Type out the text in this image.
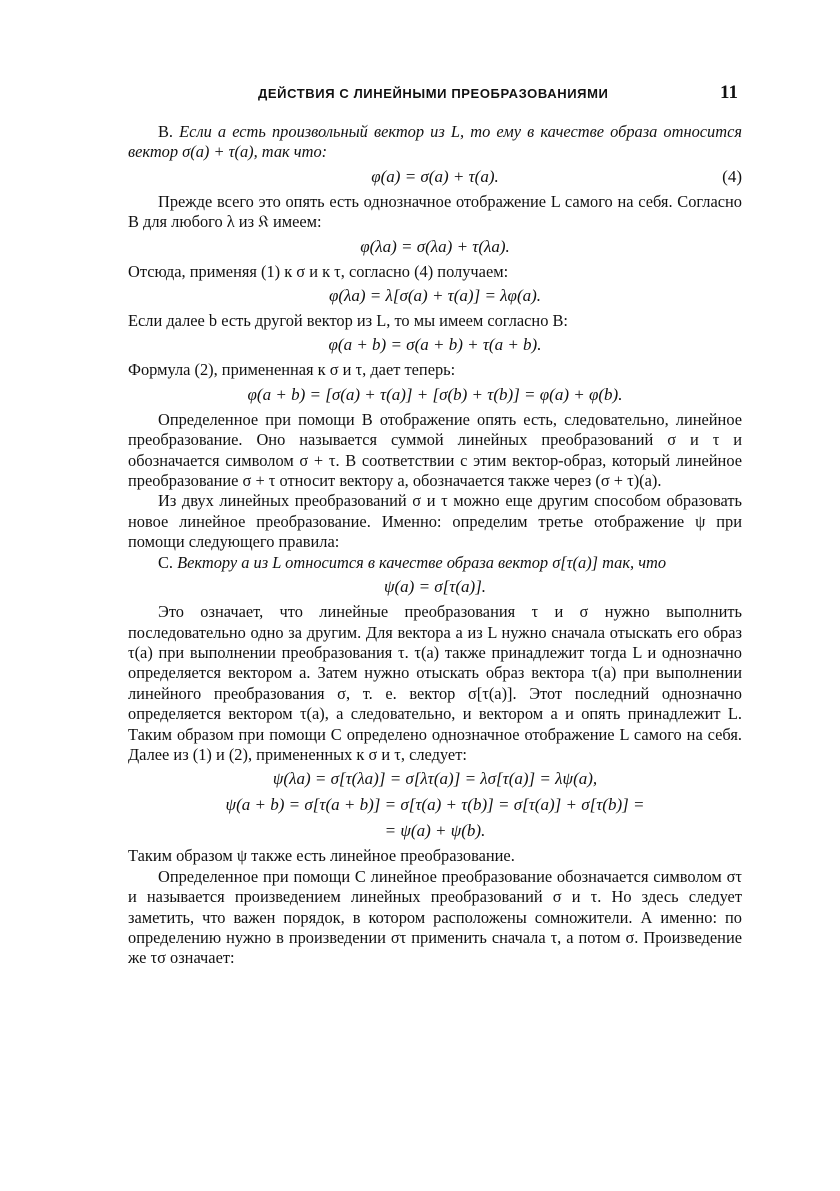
ДЕЙСТВИЯ С ЛИНЕЙНЫМИ ПРЕОБРАЗОВАНИЯМИ	11

B. Если a есть произвольный вектор из L, то ему в качестве образа относится вектор σ(a) + τ(a), так что:

φ(a) = σ(a) + τ(a).	(4)

Прежде всего это опять есть однозначное отображение L самого на себя. Согласно B для любого λ из 𝔎 имеем:

φ(λa) = σ(λa) + τ(λa).

Отсюда, применяя (1) к σ и к τ, согласно (4) получаем:

φ(λa) = λ[σ(a) + τ(a)] = λφ(a).

Если далее b есть другой вектор из L, то мы имеем согласно B:

φ(a + b) = σ(a + b) + τ(a + b).

Формула (2), примененная к σ и τ, дает теперь:

φ(a + b) = [σ(a) + τ(a)] + [σ(b) + τ(b)] = φ(a) + φ(b).

Определенное при помощи B отображение опять есть, следовательно, линейное преобразование. Оно называется суммой линейных преобразований σ и τ и обозначается символом σ + τ. В соответствии с этим вектор-образ, который линейное преобразование σ + τ относит вектору a, обозначается также через (σ + τ)(a).

Из двух линейных преобразований σ и τ можно еще другим способом образовать новое линейное преобразование. Именно: определим третье отображение ψ при помощи следующего правила:

C. Вектору a из L относится в качестве образа вектор σ[τ(a)] так, что

ψ(a) = σ[τ(a)].

Это означает, что линейные преобразования τ и σ нужно выполнить последовательно одно за другим. Для вектора a из L нужно сначала отыскать его образ τ(a) при выполнении преобразования τ. τ(a) также принадлежит тогда L и однозначно определяется вектором a. Затем нужно отыскать образ вектора τ(a) при выполнении линейного преобразования σ, т. е. вектор σ[τ(a)]. Этот последний однозначно определяется вектором τ(a), а следовательно, и вектором a и опять принадлежит L. Таким образом при помощи C определено однозначное отображение L самого на себя. Далее из (1) и (2), примененных к σ и τ, следует:

ψ(λa) = σ[τ(λa)] = σ[λτ(a)] = λσ[τ(a)] = λψ(a),
ψ(a + b) = σ[τ(a + b)] = σ[τ(a) + τ(b)] = σ[τ(a)] + σ[τ(b)] =
= ψ(a) + ψ(b).

Таким образом ψ также есть линейное преобразование.

Определенное при помощи C линейное преобразование обозначается символом στ и называется произведением линейных преобразований σ и τ. Но здесь следует заметить, что важен порядок, в котором расположены сомножители. А именно: по определению нужно в произведении στ применить сначала τ, а потом σ. Произведение же τσ означает:
